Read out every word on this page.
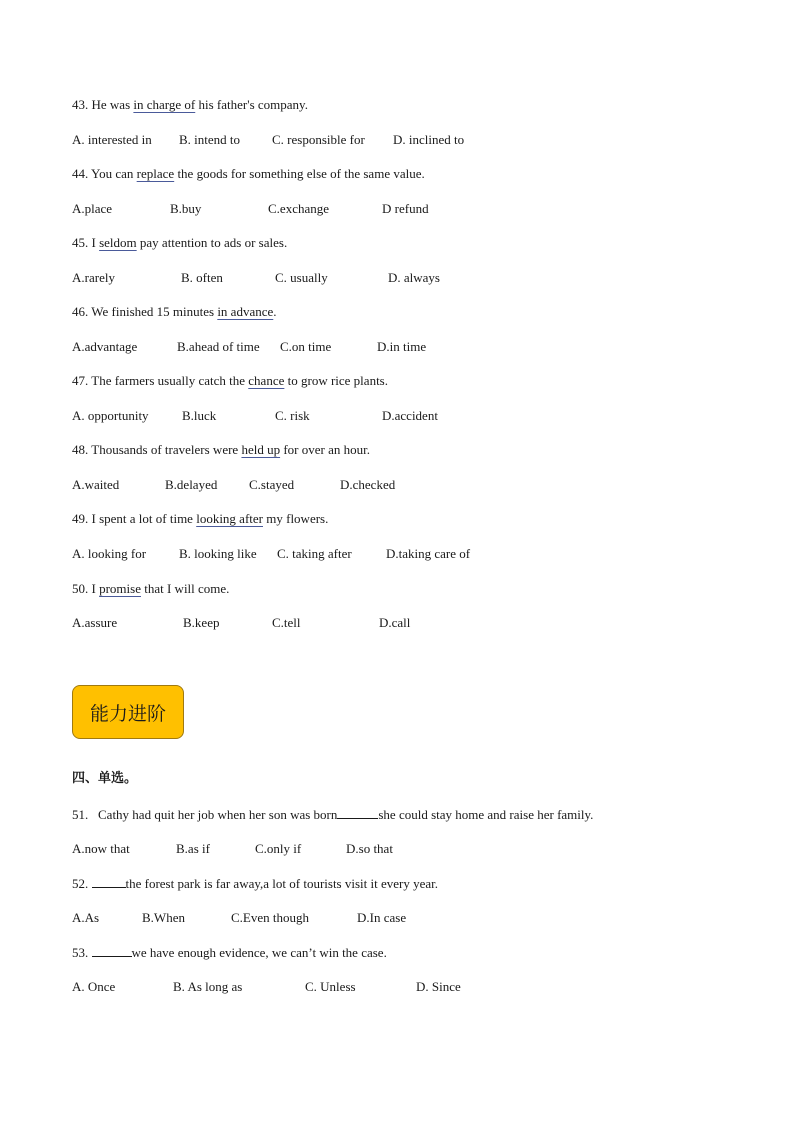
43. He was in charge of his father's company.
A. interested in B. intend to C. responsible for D. inclined to
44. You can replace the goods for something else of the same value.
A.place	B.buy	C.exchange	D refund
45. I seldom pay attention to ads or sales.
A.rarely	B. often	C. usually	D. always
46. We finished 15 minutes in advance.
A.advantage	B.ahead of time C.on time	D.in time
47. The farmers usually catch the chance to grow rice plants.
A. opportunity	B.luck	C. risk	D.accident
48. Thousands of travelers were held up for over an hour.
A.waited	B.delayed C.stayed	D.checked
49. I spent a lot of time looking after my flowers.
A. looking for	B. looking like C. taking after	D.taking care of
50. I promise that I will come.
A.assure	B.keep	C.tell	D.call
能力进阶
四、单选。
51.   Cathy had quit her job when her son was born	she could stay home and raise her family.
A.now that	B.as if	C.only if	D.so that
52.	the forest park is far away,a lot of tourists visit it every year.
A.As	B.When	C.Even though	D.In case
53.	we have enough evidence, we can’t win the case.
A. Once	B. As long as	C. Unless	D. Since
